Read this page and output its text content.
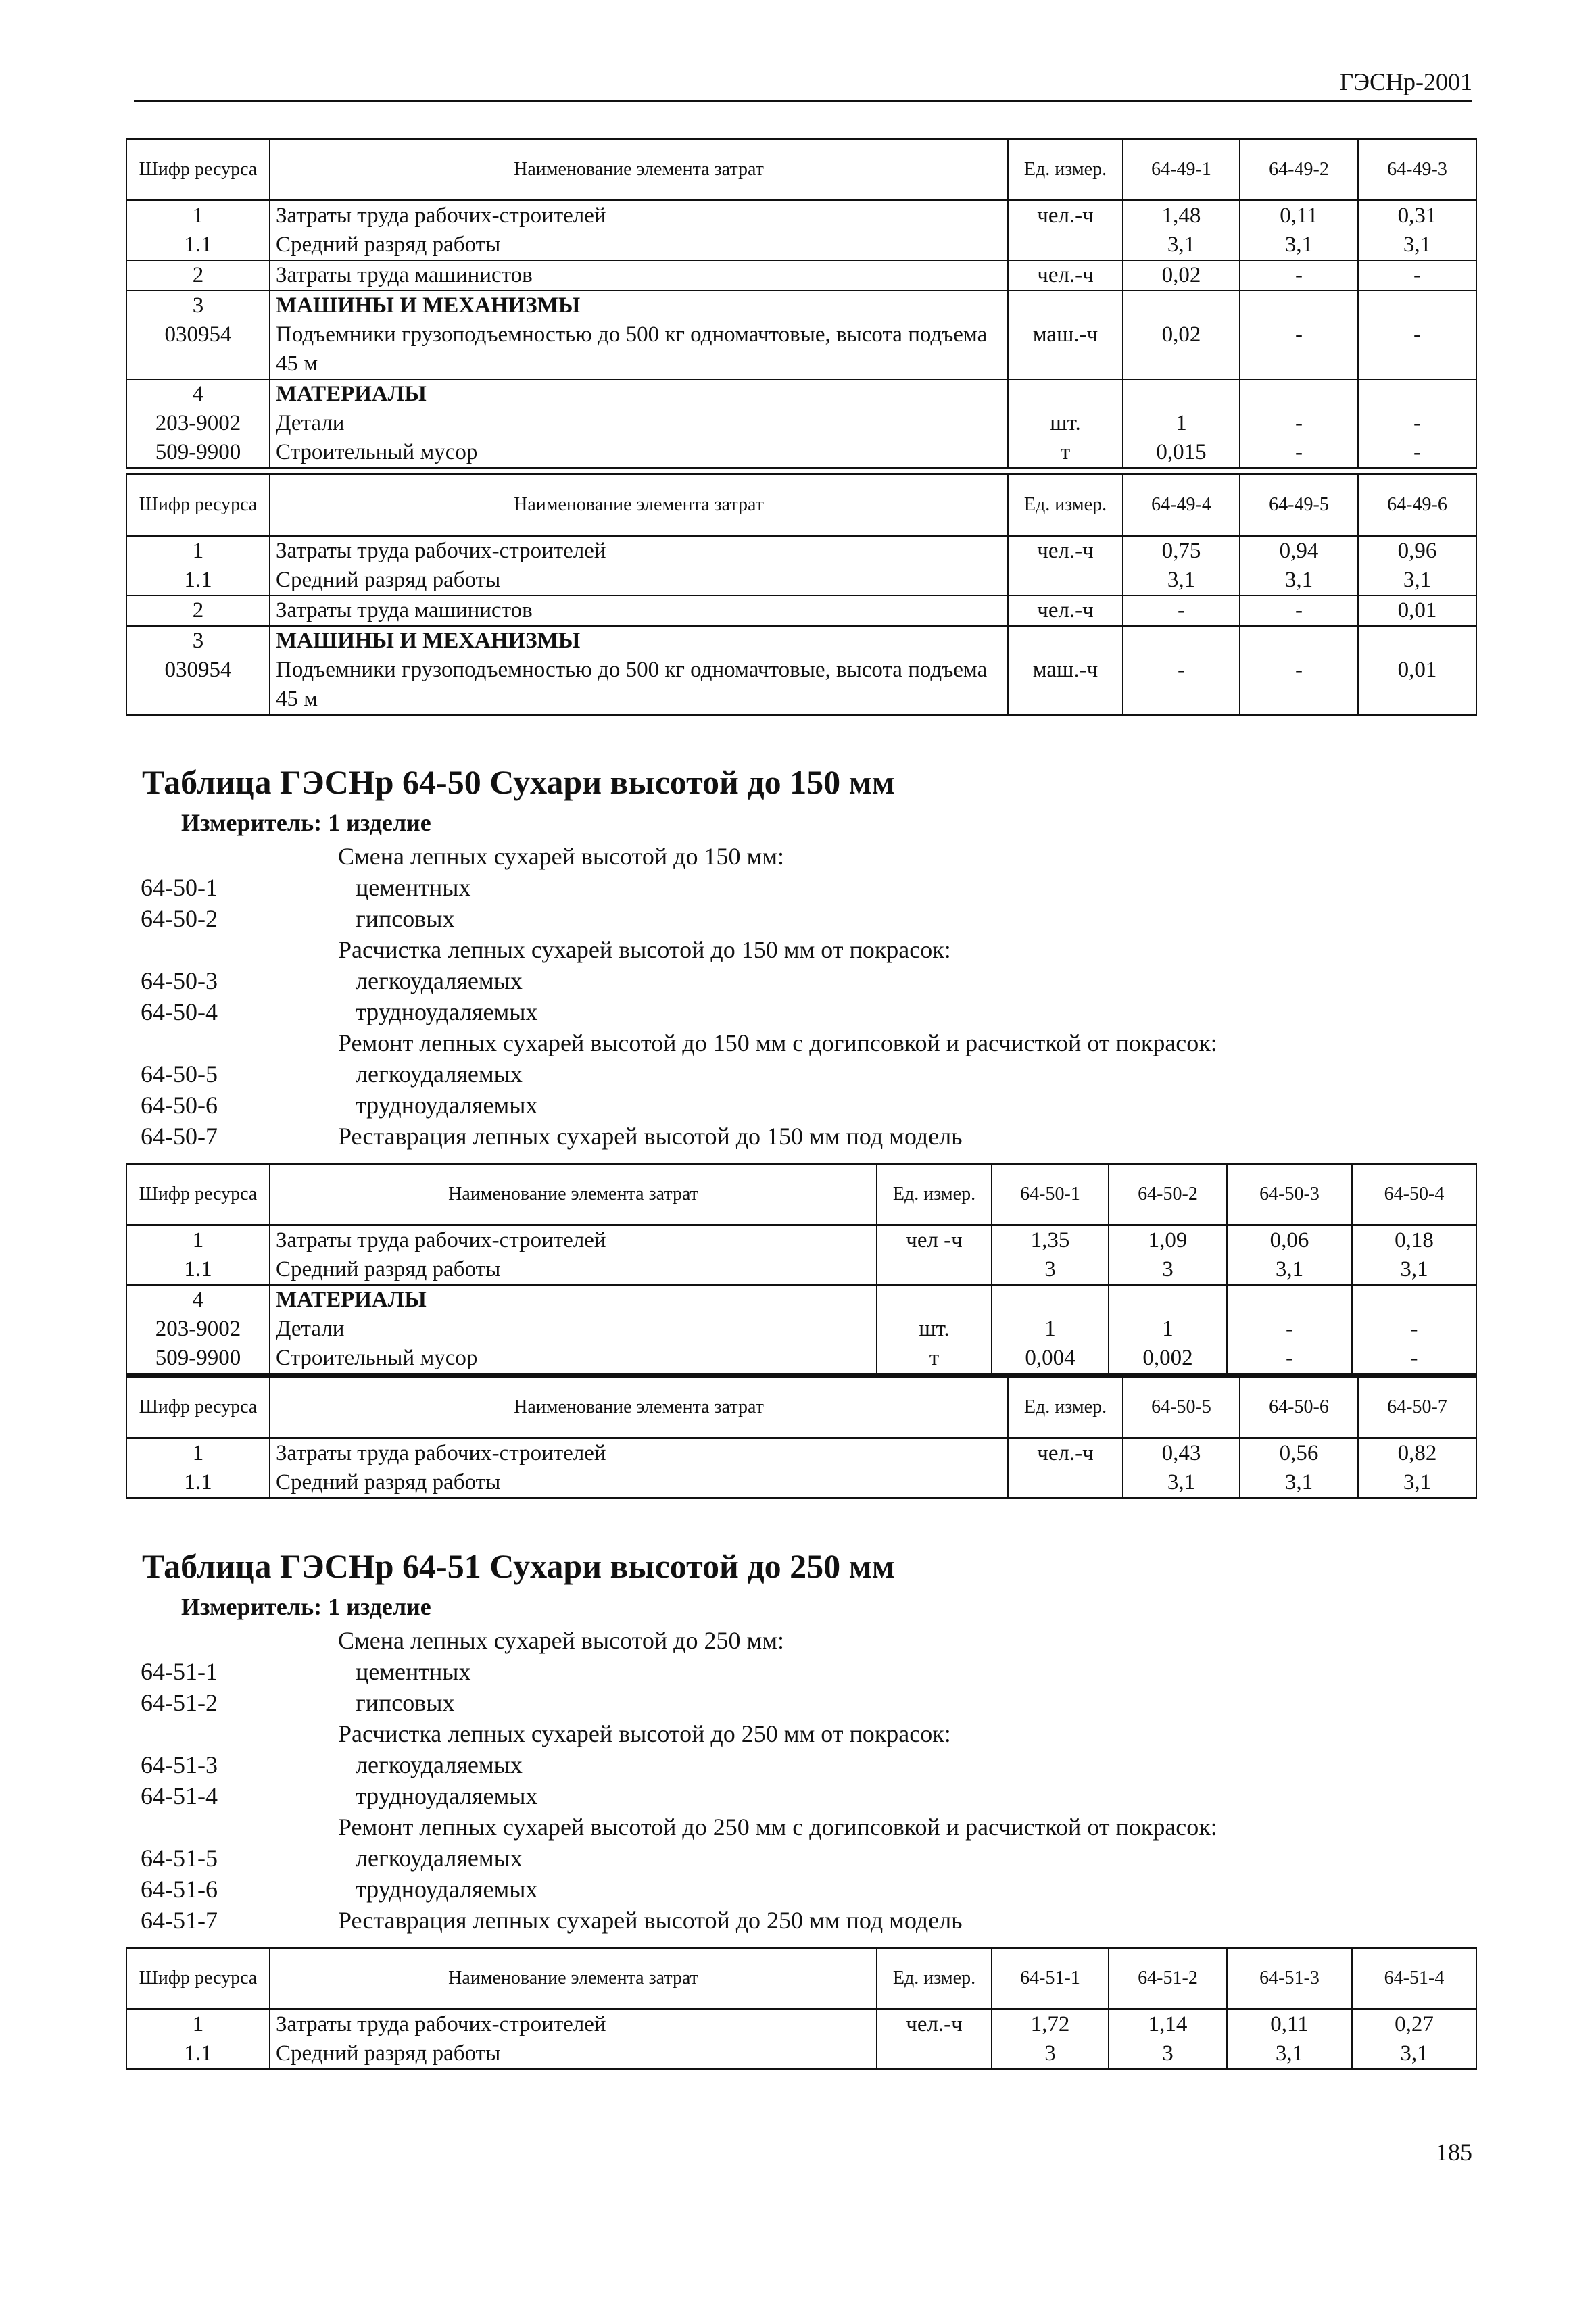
ГЭСНр-2001
Шифр ресурса	Наименование элемента затрат	Ед. измер.	64-49-1	64-49-2	64-49-3
1	Затраты труда рабочих-строителей	чел.-ч	1,48	0,11	0,31
1.1	Средний разряд работы		3,1	3,1	3,1
2	Затраты труда машинистов	чел.-ч	0,02	-	-
3	МАШИНЫ И МЕХАНИЗМЫ				
030954	Подъемники грузоподъемностью до 500 кг одномачтовые, высота подъема 45 м	маш.-ч	0,02	-	-
4	МАТЕРИАЛЫ				
203-9002	Детали	шт.	1	-	-
509-9900	Строительный мусор	т	0,015	-	-
Шифр ресурса	Наименование элемента затрат	Ед. измер.	64-49-4	64-49-5	64-49-6
1	Затраты труда рабочих-строителей	чел.-ч	0,75	0,94	0,96
1.1	Средний разряд работы		3,1	3,1	3,1
2	Затраты труда машинистов	чел.-ч	-	-	0,01
3	МАШИНЫ И МЕХАНИЗМЫ				
030954	Подъемники грузоподъемностью до 500 кг одномачтовые, высота подъема 45 м	маш.-ч	-	-	0,01
Таблица ГЭСНр 64-50 Сухари высотой до 150 мм
Измеритель: 1 изделие
Смена лепных сухарей высотой до 150 мм:
64-50-1	цементных
64-50-2	гипсовых
Расчистка лепных сухарей высотой до 150 мм от покрасок:
64-50-3	легкоудаляемых
64-50-4	трудноудаляемых
Ремонт лепных сухарей высотой до 150 мм с догипсовкой и расчисткой от покрасок:
64-50-5	легкоудаляемых
64-50-6	трудноудаляемых
64-50-7	Реставрация лепных сухарей высотой до 150 мм под модель
Шифр ресурса	Наименование элемента затрат	Ед. измер.	64-50-1	64-50-2	64-50-3	64-50-4
1	Затраты труда рабочих-строителей	чел -ч	1,35	1,09	0,06	0,18
1.1	Средний разряд работы		3	3	3,1	3,1
4	МАТЕРИАЛЫ					
203-9002	Детали	шт.	1	1	-	-
509-9900	Строительный мусор	т	0,004	0,002	-	-
Шифр ресурса	Наименование элемента затрат	Ед. измер.	64-50-5	64-50-6	64-50-7
1	Затраты труда рабочих-строителей	чел.-ч	0,43	0,56	0,82
1.1	Средний разряд работы		3,1	3,1	3,1
Таблица ГЭСНр 64-51 Сухари высотой до 250 мм
Измеритель: 1 изделие
Смена лепных сухарей высотой до 250 мм:
64-51-1	цементных
64-51-2	гипсовых
Расчистка лепных сухарей высотой до 250 мм от покрасок:
64-51-3	легкоудаляемых
64-51-4	трудноудаляемых
Ремонт лепных сухарей высотой до 250 мм с догипсовкой и расчисткой от покрасок:
64-51-5	легкоудаляемых
64-51-6	трудноудаляемых
64-51-7	Реставрация лепных сухарей высотой до 250 мм под модель
Шифр ресурса	Наименование элемента затрат	Ед. измер.	64-51-1	64-51-2	64-51-3	64-51-4
1	Затраты труда рабочих-строителей	чел.-ч	1,72	1,14	0,11	0,27
1.1	Средний разряд работы		3	3	3,1	3,1
185
